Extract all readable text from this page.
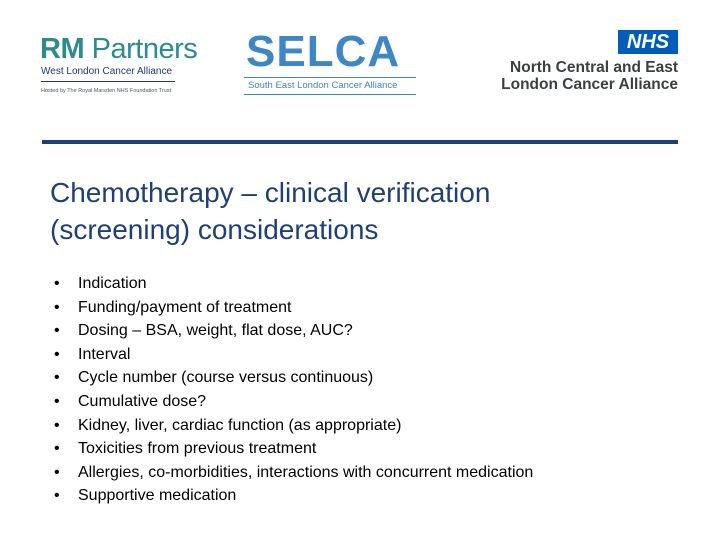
RM Partners
West London Cancer Alliance
Hosted by The Royal Marsden NHS Foundation Trust
SELCA
South East London Cancer Alliance
NHS
North Central and East
London Cancer Alliance
Chemotherapy – clinical verification
(screening) considerations
• Indication
• Funding/payment of treatment
• Dosing – BSA, weight, flat dose, AUC?
• Interval
• Cycle number (course versus continuous)
• Cumulative dose?
• Kidney, liver, cardiac function (as appropriate)
• Toxicities from previous treatment
• Allergies, co-morbidities, interactions with concurrent medication
• Supportive medication
